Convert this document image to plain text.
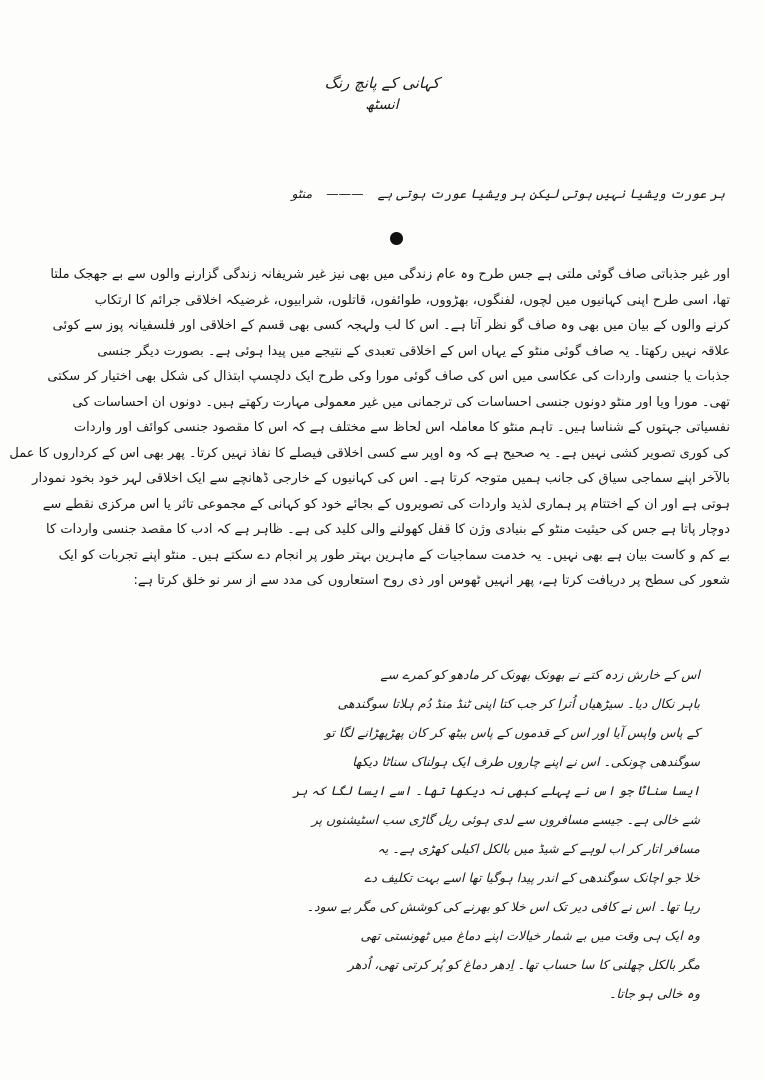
کہانی کے پانچ رنگ

انسٹھ

ہر عورت ویشیا نہیں ہوتی لیکن ہر ویشیا عورت ہوتی ہے
———
منٹو
اور غیر جذباتی صاف گوئی ملتی ہے جس طرح وہ عام زندگی میں بھی نیز غیر شریفانہ زندگی گزارنے والوں سے بے جھجک ملتا
تھا، اسی طرح اپنی کہانیوں میں لچوں، لفنگوں، بھڑووں، طوائفوں، قاتلوں، شرابیوں، غرضیکہ اخلاقی جرائم کا ارتکاب
کرنے والوں کے بیان میں بھی وہ صاف گو نظر آتا ہے۔ اس کا لب ولہجہ کسی بھی قسم کے اخلاقی اور فلسفیانہ پوز سے کوئی
علاقہ نہیں رکھتا۔ یہ صاف گوئی منٹو کے یہاں اس کے اخلاقی تعبدی کے نتیجے میں پیدا ہوئی ہے۔ بصورت دیگر جنسی
جذبات یا جنسی واردات کی عکاسی میں اس کی صاف گوئی مورا وکی طرح ایک دلچسپ ابتذال کی شکل بھی اختیار کر سکتی
تھی۔ مورا ویا اور منٹو دونوں جنسی احساسات کی ترجمانی میں غیر معمولی مہارت رکھتے ہیں۔ دونوں ان احساسات کی
نفسیاتی جہتوں کے شناسا ہیں۔ تاہم منٹو کا معاملہ اس لحاظ سے مختلف ہے کہ اس کا مقصود جنسی کوائف اور واردات
کی کوری تصویر کشی نہیں ہے۔ یہ صحیح ہے کہ وہ اوپر سے کسی اخلاقی فیصلے کا نفاذ نہیں کرتا۔ پھر بھی اس کے کرداروں کا عمل
بالآخر اپنے سماجی سیاق کی جانب ہمیں متوجہ کرتا ہے۔ اس کی کہانیوں کے خارجی ڈھانچے سے ایک اخلاقی لہر خود بخود نمودار
ہوتی ہے اور ان کے اختتام پر ہماری لذید واردات کی تصویروں کے بجائے خود کو کہانی کے مجموعی تاثر یا اس مرکزی نقطے سے
دوچار پاتا ہے جس کی حیثیت منٹو کے بنیادی وژن کا قفل کھولنے والی کلید کی ہے۔ ظاہر ہے کہ ادب کا مقصد جنسی واردات کا
بے کم و کاست بیان ہے بھی نہیں۔ یہ خدمت سماجیات کے ماہرین بہتر طور پر انجام دے سکتے ہیں۔ منٹو اپنے تجربات کو ایک
شعور کی سطح پر دریافت کرتا ہے، پھر انہیں ٹھوس اور ذی روح استعاروں کی مدد سے از سر نو خلق کرتا ہے:
اس کے خارش زدہ کتے نے بھونک بھونک کر مادھو کو کمرے سے
باہر نکال دیا۔ سیڑھیاں اُترا کر جب کتا اپنی ٹنڈ منڈ دُم ہلاتا سوگندھی
کے پاس واپس آیا اور اس کے قدموں کے پاس بیٹھ کر کان پھڑپھڑانے لگا تو
سوگندھی چونکی۔ اس نے اپنے چاروں طرف ایک ہولناک سناٹا دیکھا
ایسا سناٹا جو اس نے پہلے کبھی نہ دیکھا تھا۔ اسے ایسا لگا کہ ہر
شے خالی ہے۔ جیسے مسافروں سے لدی ہوئی ریل گاڑی سب اسٹیشنوں پر
مسافر اتار کر اب لوہے کے شیڈ میں بالکل اکیلی کھڑی ہے۔ یہ
خلا جو اچانک سوگندھی کے اندر پیدا ہوگیا تھا اسے بہت تکلیف دے
رہا تھا۔ اس نے کافی دیر تک اس خلا کو بھرنے کی کوشش کی مگر بے سود۔
وہ ایک ہی وقت میں بے شمار خیالات اپنے دماغ میں ٹھونستی تھی
مگر بالکل چھلنی کا سا حساب تھا۔ اِدھر دماغ کو پُر کرتی تھی، اُدھر
وہ خالی ہو جاتا۔
